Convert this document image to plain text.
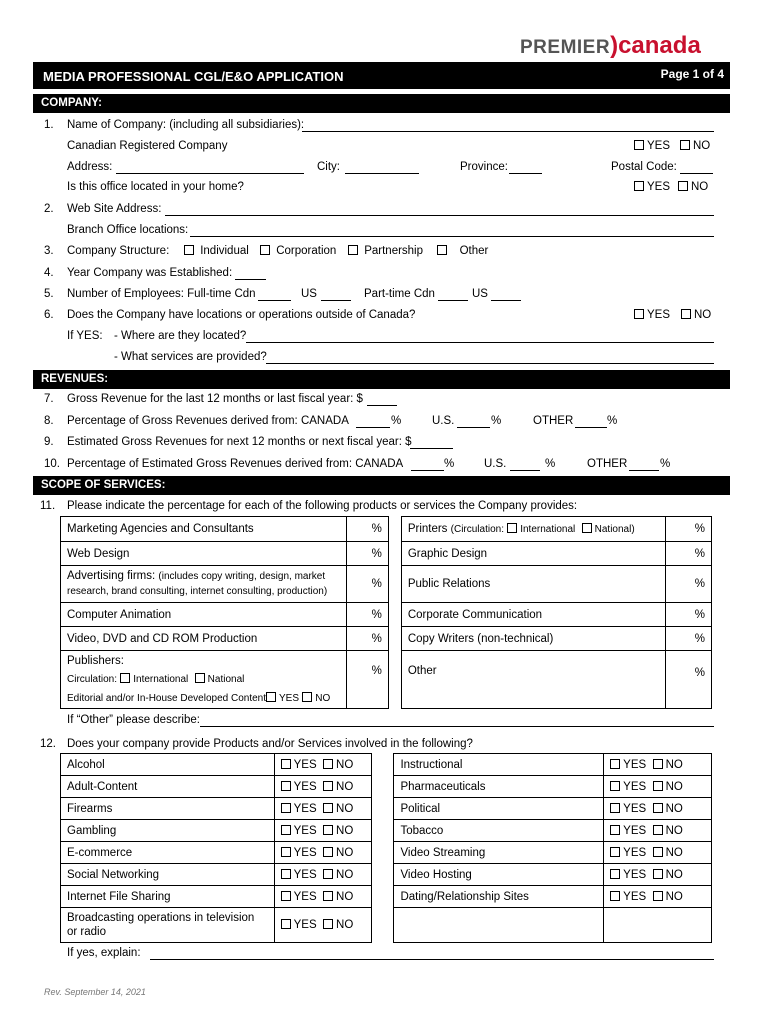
PREMIER)canada
MEDIA PROFESSIONAL CGL/E&O APPLICATION	Page 1 of 4
COMPANY:
1. Name of Company: (including all subsidiaries):
Canadian Registered Company	YES	NO
Address:	City:	Province:	Postal Code:
Is this office located in your home?	YES	NO
2. Web Site Address:
Branch Office locations:
3. Company Structure:	Individual	Corporation	Partnership	Other
4. Year Company was Established:
5. Number of Employees: Full-time Cdn	US	Part-time Cdn	US
6. Does the Company have locations or operations outside of Canada?	YES	NO
If YES: - Where are they located?
- What services are provided?
REVENUES:
7. Gross Revenue for the last 12 months or last fiscal year: $
8. Percentage of Gross Revenues derived from: CANADA	%	U.S.	%	OTHER	%
9. Estimated Gross Revenues for next 12 months or next fiscal year: $
10. Percentage of Estimated Gross Revenues derived from: CANADA	%	U.S.	%	OTHER	%
SCOPE OF SERVICES:
11. Please indicate the percentage for each of the following products or services the Company provides:
Marketing Agencies and Consultants	%		Printers (Circulation: International National)	%
Web Design	%		Graphic Design	%
Advertising firms: (includes copy writing, design, market
research, brand consulting, internet consulting, production)	%		Public Relations	%
Computer Animation	%		Corporate Communication	%
Video, DVD and CD ROM Production	%		Copy Writers (non-technical)	%
Publishers:
Circulation: International National
Editorial and/or In-House Developed Content YES NO	%		Other	%
If “Other” please describe:
12. Does your company provide Products and/or Services involved in the following?
Alcohol	YES NO		Instructional	YES NO
Adult-Content	YES NO		Pharmaceuticals	YES NO
Firearms	YES NO		Political	YES NO
Gambling	YES NO		Tobacco	YES NO
E-commerce	YES NO		Video Streaming	YES NO
Social Networking	YES NO		Video Hosting	YES NO
Internet File Sharing	YES NO		Dating/Relationship Sites	YES NO
Broadcasting operations in television or radio	YES NO			
If yes, explain:
Rev. September 14, 2021
